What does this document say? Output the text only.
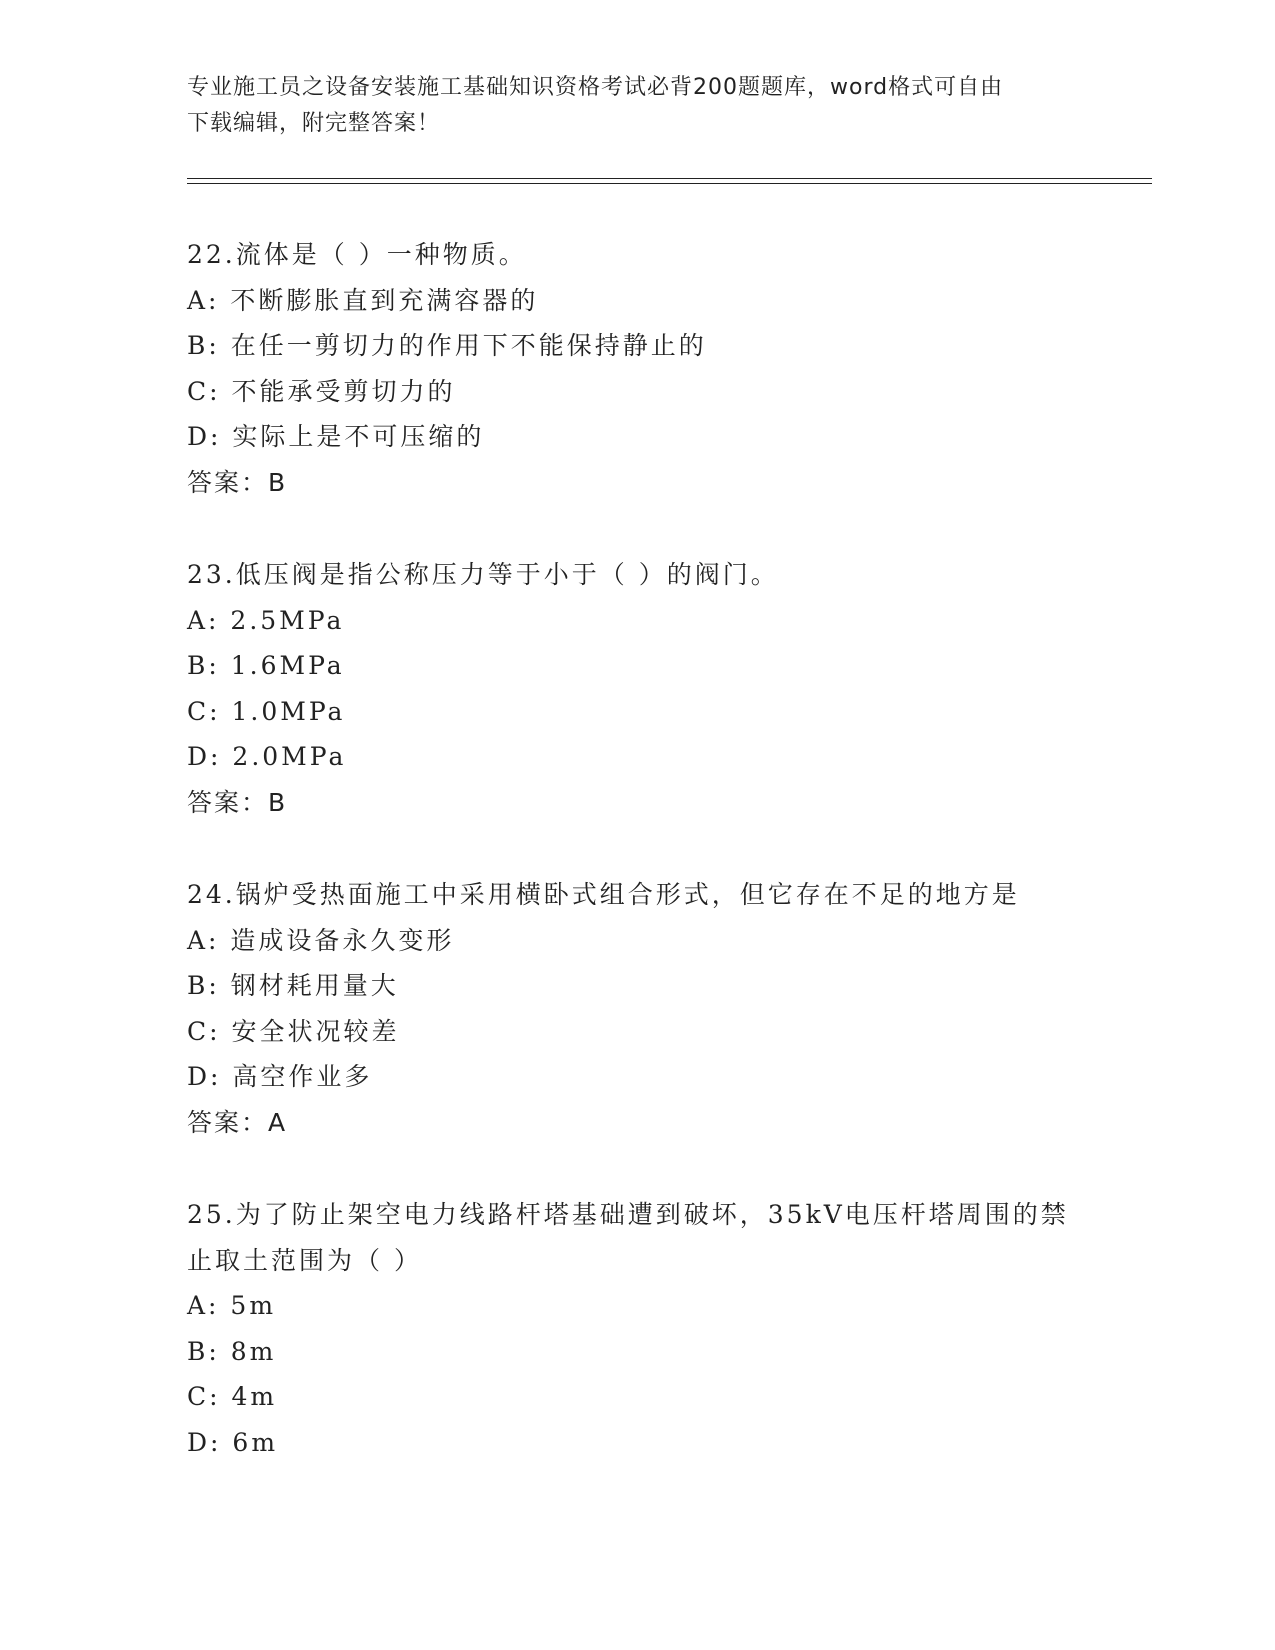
专业施工员之设备安装施工基础知识资格考试必背200题题库，word格式可自由
下载编辑，附完整答案！
22.流体是（ ）一种物质。
A: 不断膨胀直到充满容器的
B: 在任一剪切力的作用下不能保持静止的
C: 不能承受剪切力的
D: 实际上是不可压缩的
答案：B
23.低压阀是指公称压力等于小于（ ）的阀门。
A: 2.5MPa
B: 1.6MPa
C: 1.0MPa
D: 2.0MPa
答案：B
24.锅炉受热面施工中采用横卧式组合形式，但它存在不足的地方是
A: 造成设备永久变形
B: 钢材耗用量大
C: 安全状况较差
D: 高空作业多
答案：A
25.为了防止架空电力线路杆塔基础遭到破坏，35kV电压杆塔周围的禁
止取土范围为（ ）
A: 5m
B: 8m
C: 4m
D: 6m
